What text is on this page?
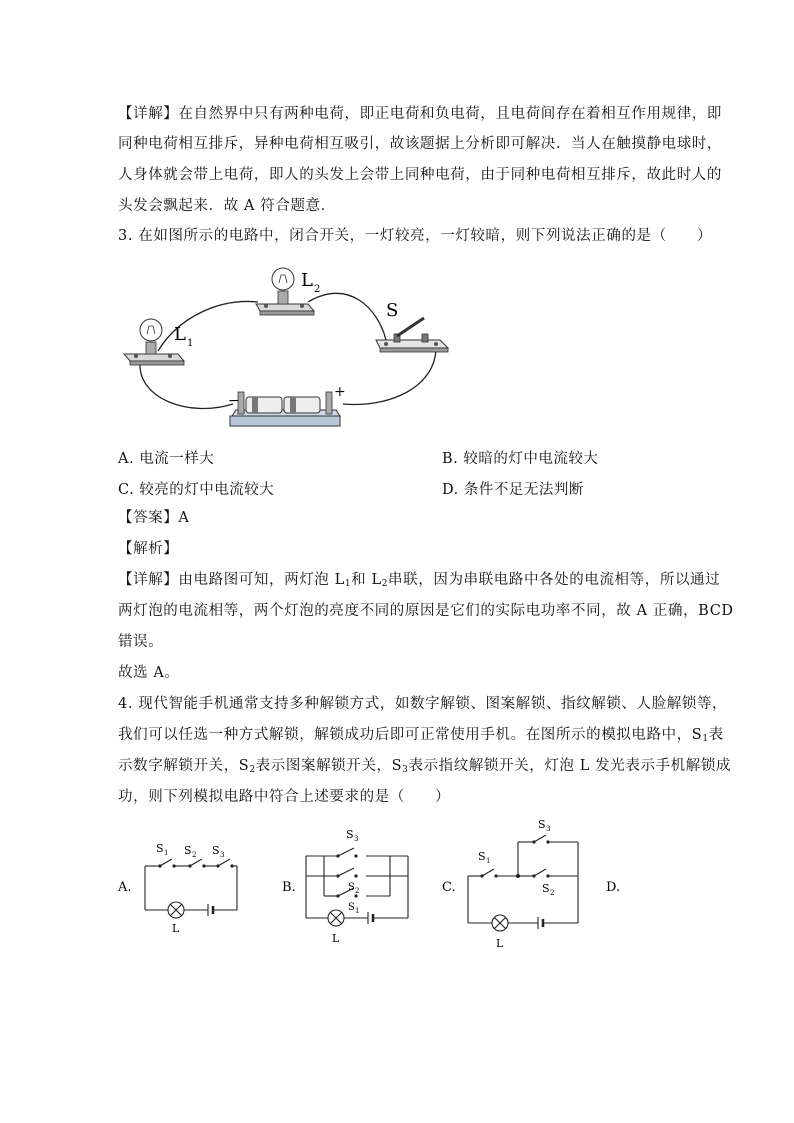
【详解】在自然界中只有两种电荷，即正电荷和负电荷，且电荷间存在着相互作用规律，即
同种电荷相互排斥，异种电荷相互吸引，故该题据上分析即可解决．当人在触摸静电球时，
人身体就会带上电荷，即人的头发上会带上同种电荷，由于同种电荷相互排斥，故此时人的
头发会飘起来．故 A 符合题意．
3. 在如图所示的电路中，闭合开关，一灯较亮，一灯较暗，则下列说法正确的是（　　）
L 1
L 2
S
−
+
A. 电流一样大	B. 较暗的灯中电流较大
C. 较亮的灯中电流较大	D. 条件不足无法判断
【答案】A
【解析】
【详解】由电路图可知，两灯泡 $L_1$和 $L_2$串联，因为串联电路中各处的电流相等，所以通过
两灯泡的电流相等，两个灯泡的亮度不同的原因是它们的实际电功率不同，故 A 正确，BCD
错误。
故选 A。
4. 现代智能手机通常支持多种解锁方式，如数字解锁、图案解锁、指纹解锁、人脸解锁等，
我们可以任选一种方式解锁，解锁成功后即可正常使用手机。在图所示的模拟电路中，$S_1$表
示数字解锁开关，$S_2$表示图案解锁开关，$S_3$表示指纹解锁开关，灯泡 L 发光表示手机解锁成
功，则下列模拟电路中符合上述要求的是（　　）
A.
S 1 S 2 S 3
L
B.
S 3
S 2
S 1
L
C.
S 1
S 3
S 2
L
D.
